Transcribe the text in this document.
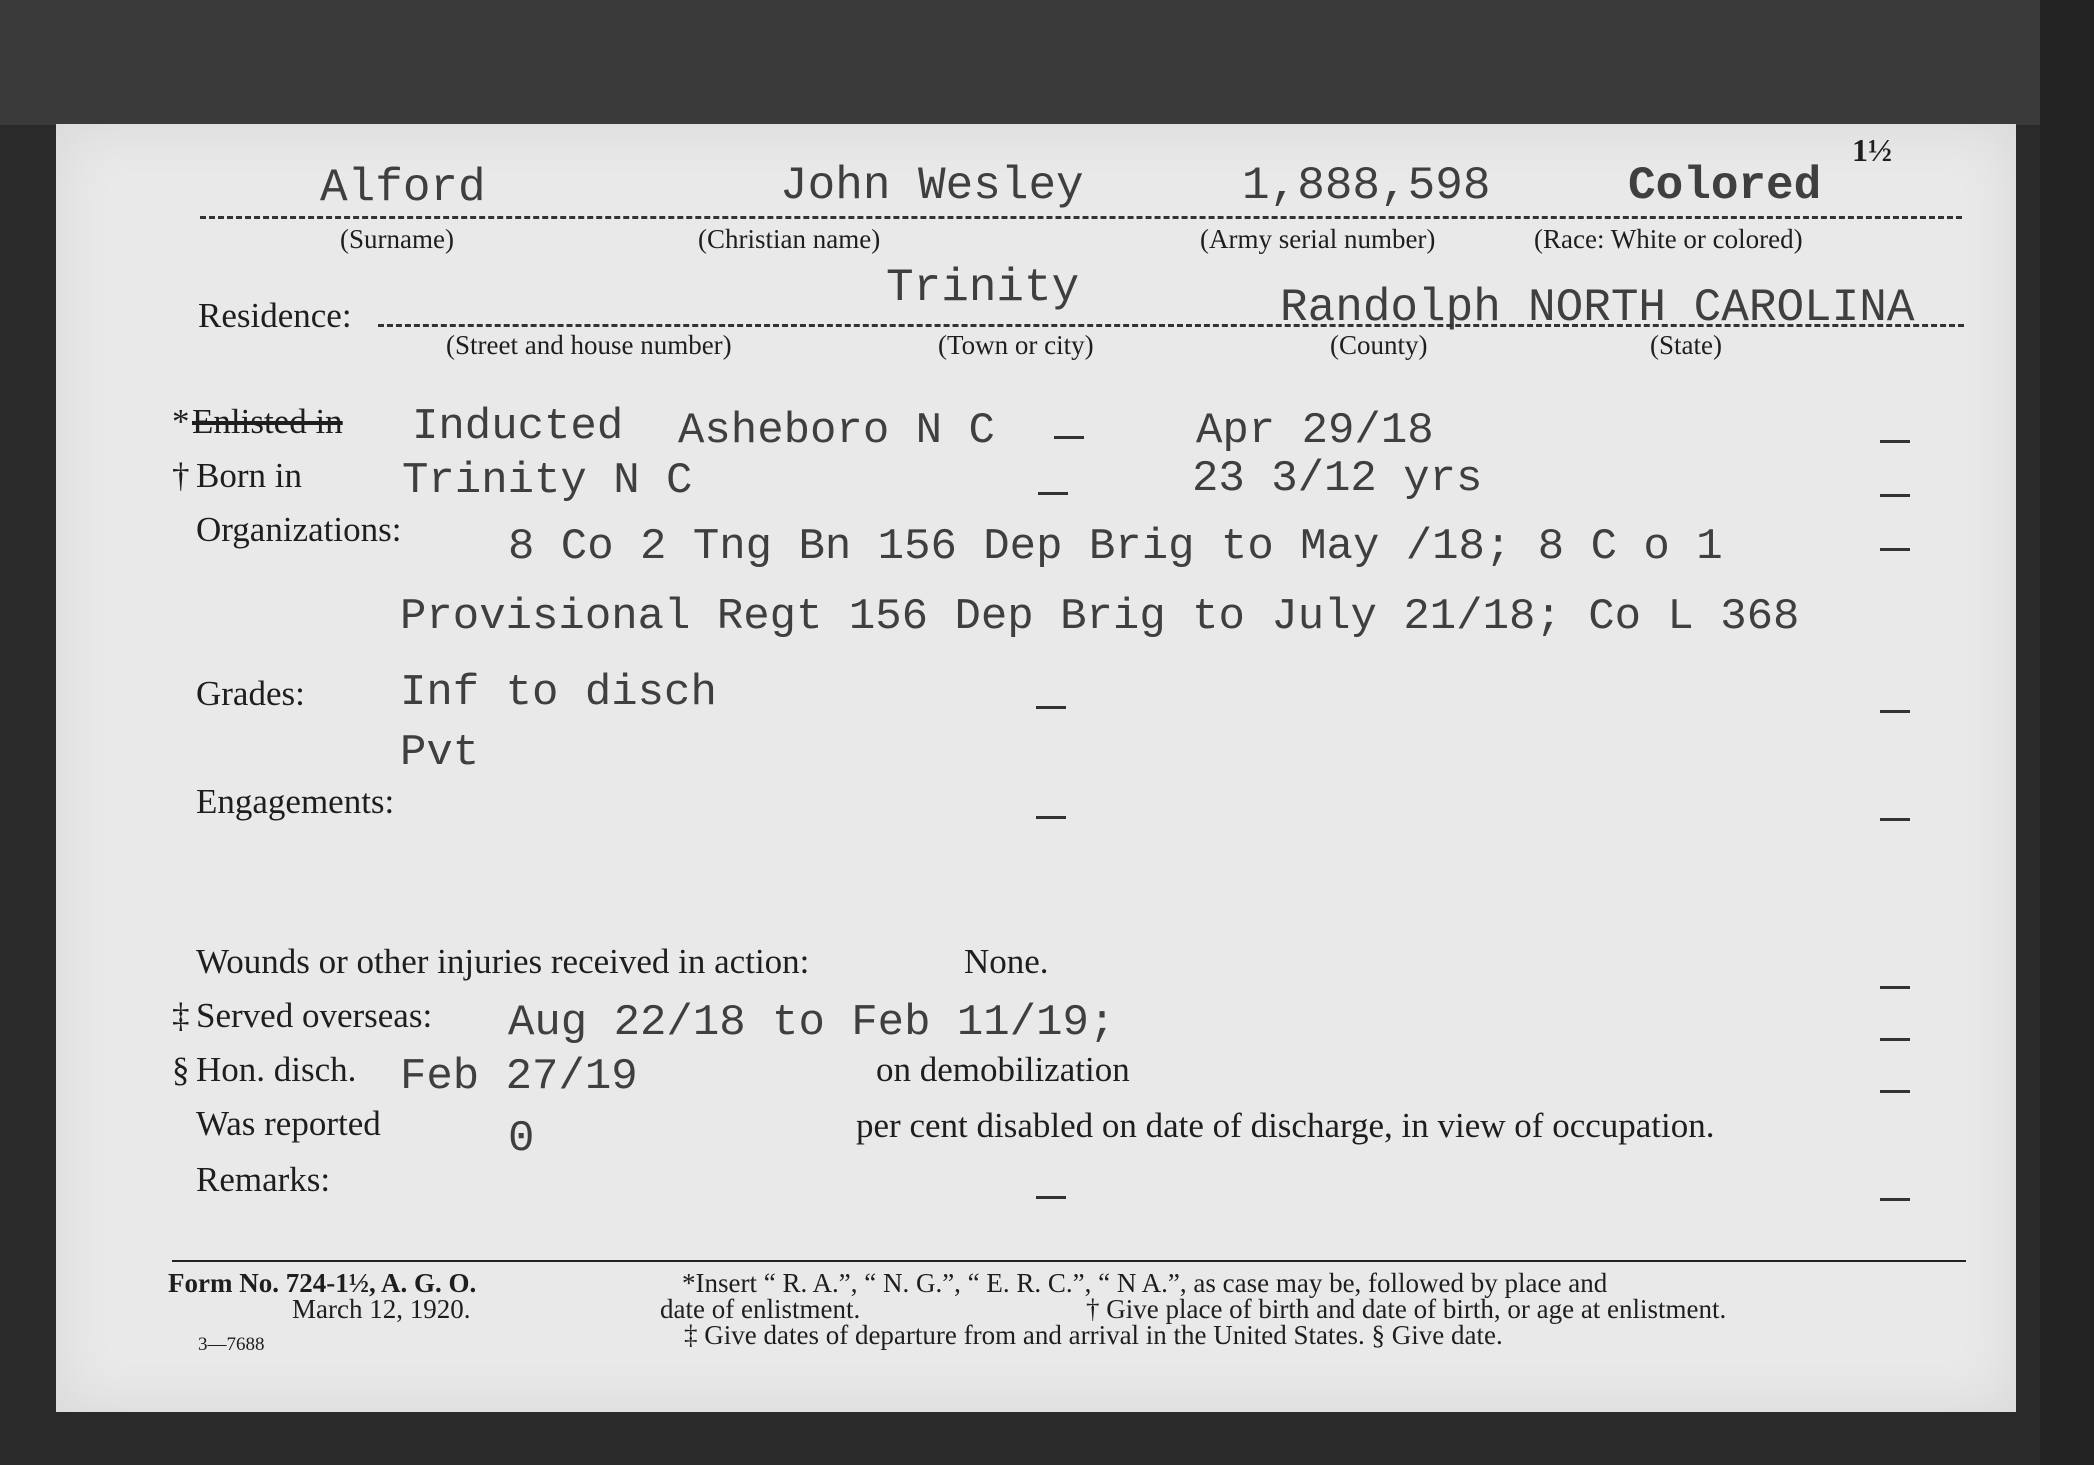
1½
Alford	John Wesley	1,888,598	Colored
(Surname)	(Christian name)	(Army serial number)	(Race: White or colored)
Residence:
Trinity	Randolph NORTH CAROLINA
(Street and house number)	(Town or city)	(County)	(State)
* Enlisted in Inducted Asheboro N C	Apr 29/18
† Born in Trinity N C	23 3/12 yrs
Organizations: 8 Co 2 Tng Bn 156 Dep Brig to May /18; 8 C o 1
Provisional Regt 156 Dep Brig to July 21/18; Co L 368
Grades: Inf to disch
Pvt
Engagements:
Wounds or other injuries received in action:	None.
‡ Served overseas: Aug 22/18 to Feb 11/19;
§ Hon. disch. Feb 27/19	on demobilization
Was reported	0	per cent disabled on date of discharge, in view of occupation.
Remarks:
Form No. 724-1½, A. G. O.
March 12, 1920.
3—7688
*Insert “ R. A.”, “ N. G.”, “ E. R. C.”, “ N A.”, as case may be, followed by place and
date of enlistment.	† Give place of birth and date of birth, or age at enlistment.
‡ Give dates of departure from and arrival in the United States. § Give date.
